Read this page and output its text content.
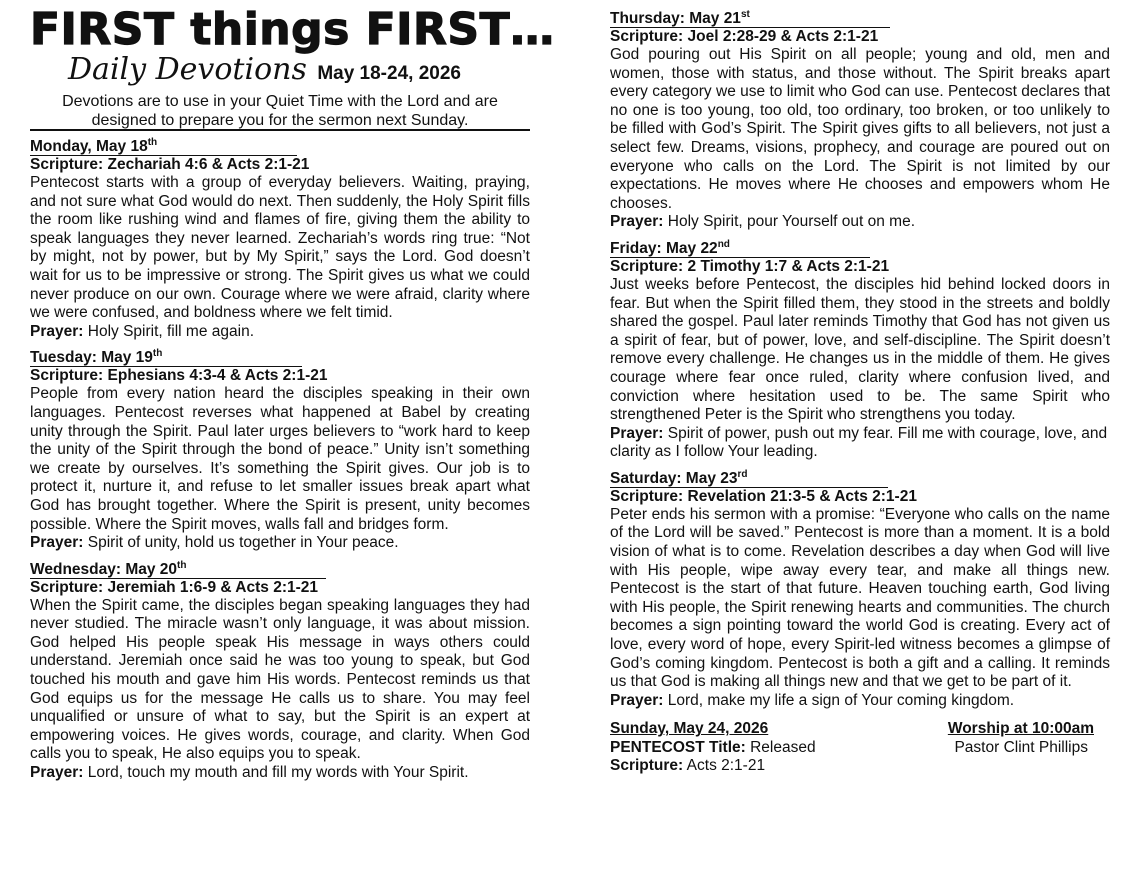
FIRST things FIRST…
Daily Devotions May 18-24, 2026

Devotions are to use in your Quiet Time with the Lord and are designed to prepare you for the sermon next Sunday.

Monday, May 18th

Scripture: Zechariah 4:6 & Acts 2:1-21

Pentecost starts with a group of everyday believers. Waiting, praying, and not sure what God would do next. Then suddenly, the Holy Spirit fills the room like rushing wind and flames of fire, giving them the ability to speak languages they never learned. Zechariah’s words ring true: “Not by might, not by power, but by My Spirit,” says the Lord. God doesn’t wait for us to be impressive or strong. The Spirit gives us what we could never produce on our own. Courage where we were afraid, clarity where we were confused, and boldness where we felt timid.

Prayer: Holy Spirit, fill me again.

Tuesday: May 19th

Scripture: Ephesians 4:3-4 & Acts 2:1-21

People from every nation heard the disciples speaking in their own languages. Pentecost reverses what happened at Babel by creating unity through the Spirit. Paul later urges believers to “work hard to keep the unity of the Spirit through the bond of peace.” Unity isn’t something we create by ourselves. It’s something the Spirit gives. Our job is to protect it, nurture it, and refuse to let smaller issues break apart what God has brought together. Where the Spirit is present, unity becomes possible. Where the Spirit moves, walls fall and bridges form.

Prayer: Spirit of unity, hold us together in Your peace.

Wednesday: May 20th

Scripture: Jeremiah 1:6-9 & Acts 2:1-21

When the Spirit came, the disciples began speaking languages they had never studied. The miracle wasn’t only language, it was about mission. God helped His people speak His message in ways others could understand. Jeremiah once said he was too young to speak, but God touched his mouth and gave him His words. Pentecost reminds us that God equips us for the message He calls us to share. You may feel unqualified or unsure of what to say, but the Spirit is an expert at empowering voices. He gives words, courage, and clarity. When God calls you to speak, He also equips you to speak.

Prayer: Lord, touch my mouth and fill my words with Your Spirit.

Thursday: May 21st

Scripture: Joel 2:28-29 & Acts 2:1-21

God pouring out His Spirit on all people; young and old, men and women, those with status, and those without. The Spirit breaks apart every category we use to limit who God can use. Pentecost declares that no one is too young, too old, too ordinary, too broken, or too unlikely to be filled with God’s Spirit. The Spirit gives gifts to all believers, not just a select few. Dreams, visions, prophecy, and courage are poured out on everyone who calls on the Lord. The Spirit is not limited by our expectations. He moves where He chooses and empowers whom He chooses.

Prayer: Holy Spirit, pour Yourself out on me.

Friday: May 22nd

Scripture: 2 Timothy 1:7 & Acts 2:1-21

Just weeks before Pentecost, the disciples hid behind locked doors in fear. But when the Spirit filled them, they stood in the streets and boldly shared the gospel. Paul later reminds Timothy that God has not given us a spirit of fear, but of power, love, and self-discipline. The Spirit doesn’t remove every challenge. He changes us in the middle of them. He gives courage where fear once ruled, clarity where confusion lived, and conviction where hesitation used to be. The same Spirit who strengthened Peter is the Spirit who strengthens you today.

Prayer: Spirit of power, push out my fear. Fill me with courage, love, and clarity as I follow Your leading.

Saturday: May 23rd

Scripture: Revelation 21:3-5 & Acts 2:1-21

Peter ends his sermon with a promise: “Everyone who calls on the name of the Lord will be saved.” Pentecost is more than a moment. It is a bold vision of what is to come. Revelation describes a day when God will live with His people, wipe away every tear, and make all things new. Pentecost is the start of that future. Heaven touching earth, God living with His people, the Spirit renewing hearts and communities. The church becomes a sign pointing toward the world God is creating. Every act of love, every word of hope, every Spirit-led witness becomes a glimpse of God’s coming kingdom. Pentecost is both a gift and a calling. It reminds us that God is making all things new and that we get to be part of it.

Prayer: Lord, make my life a sign of Your coming kingdom.

Sunday, May 24, 2026	Worship at 10:00am
PENTECOST Title: Released	Pastor Clint Phillips
Scripture: Acts 2:1-21
